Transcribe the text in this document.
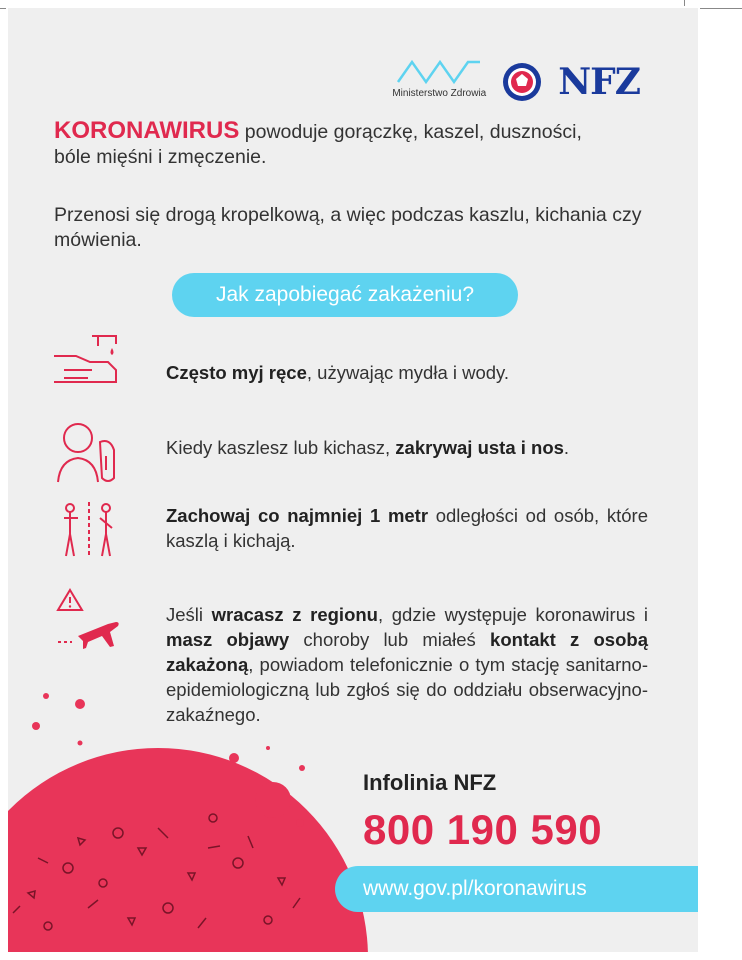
Ministerstwo Zdrowia NFZ
KORONAWIRUS powoduje gorączkę, kaszel, duszności,
bóle mięśni i zmęczenie.
Przenosi się drogą kropelkową, a więc podczas kaszlu, kichania czy mówienia.
Jak zapobiegać zakażeniu?
Często myj ręce, używając mydła i wody.
Kiedy kaszlesz lub kichasz, zakrywaj usta i nos.
Zachowaj co najmniej 1 metr odległości od osób, które kaszlą i kichają.
Jeśli wracasz z regionu, gdzie występuje koronawirus i masz objawy choroby lub miałeś kontakt z osobą zakażoną, powiadom telefonicznie o tym stację sanitarno-epidemiologiczną lub zgłoś się do oddziału obserwacyjno-zakaźnego.
Infolinia NFZ
800 190 590
www.gov.pl/koronawirus
